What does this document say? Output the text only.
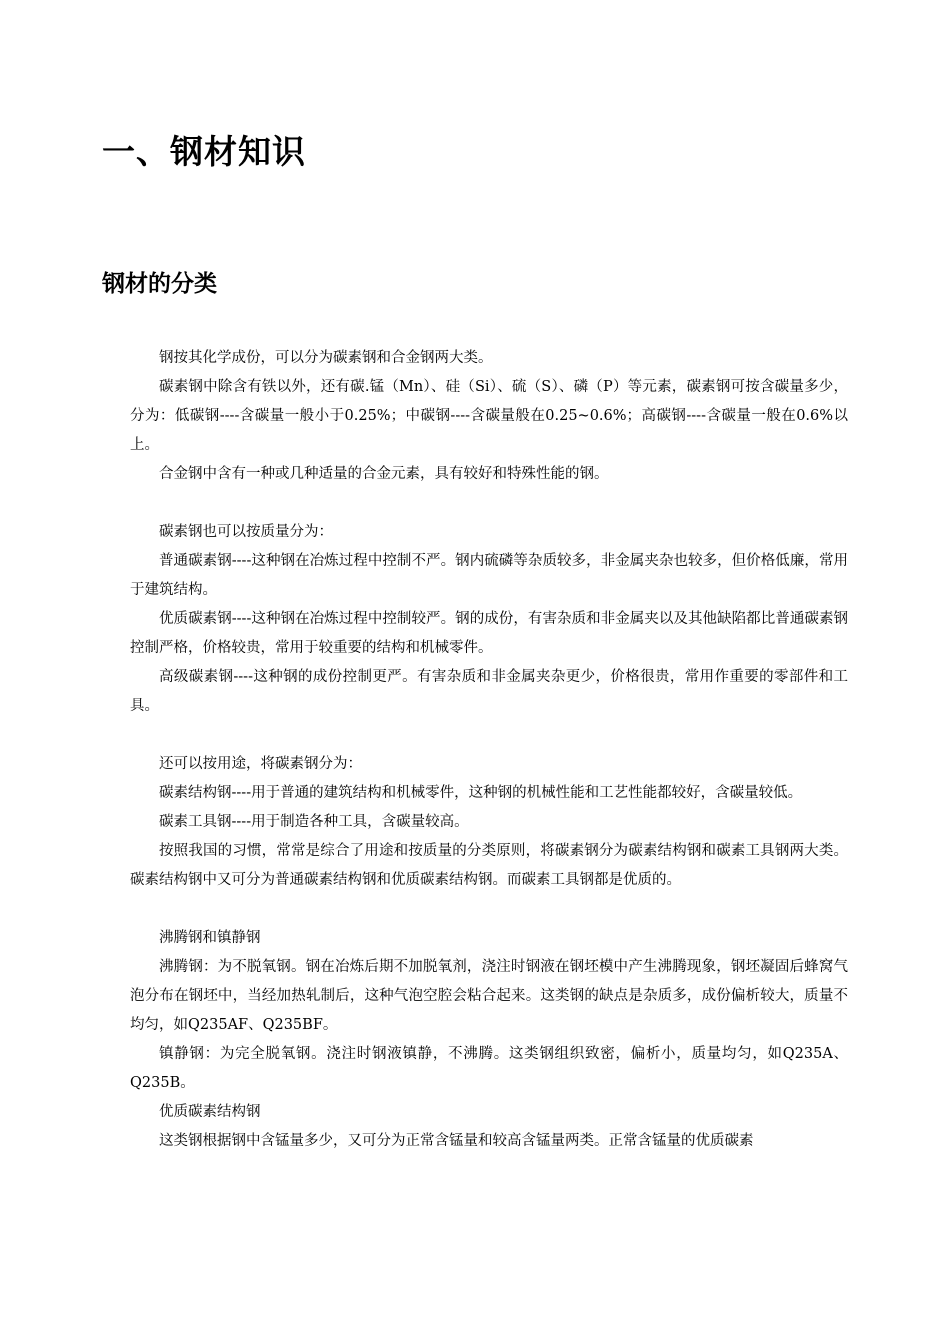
一、钢材知识
钢材的分类

钢按其化学成份，可以分为碳素钢和合金钢两大类。

碳素钢中除含有铁以外，还有碳.锰（Mn）、硅（Si）、硫（S）、磷（P）等元素，碳素钢可按含碳量多少，分为：低碳钢----含碳量一般小于0.25%；中碳钢----含碳量般在0.25~0.6%；高碳钢----含碳量一般在0.6%以上。

合金钢中含有一种或几种适量的合金元素，具有较好和特殊性能的钢。

碳素钢也可以按质量分为：

普通碳素钢----这种钢在冶炼过程中控制不严。钢内硫磷等杂质较多，非金属夹杂也较多，但价格低廉，常用于建筑结构。

优质碳素钢----这种钢在冶炼过程中控制较严。钢的成份，有害杂质和非金属夹以及其他缺陷都比普通碳素钢控制严格，价格较贵，常用于较重要的结构和机械零件。

高级碳素钢----这种钢的成份控制更严。有害杂质和非金属夹杂更少，价格很贵，常用作重要的零部件和工具。

还可以按用途，将碳素钢分为：

碳素结构钢----用于普通的建筑结构和机械零件，这种钢的机械性能和工艺性能都较好，含碳量较低。

碳素工具钢----用于制造各种工具，含碳量较高。

按照我国的习惯，常常是综合了用途和按质量的分类原则，将碳素钢分为碳素结构钢和碳素工具钢两大类。碳素结构钢中又可分为普通碳素结构钢和优质碳素结构钢。而碳素工具钢都是优质的。

沸腾钢和镇静钢

沸腾钢：为不脱氧钢。钢在冶炼后期不加脱氧剂，浇注时钢液在钢坯模中产生沸腾现象，钢坯凝固后蜂窝气泡分布在钢坯中，当经加热轧制后，这种气泡空腔会粘合起来。这类钢的缺点是杂质多，成份偏析较大，质量不均匀，如Q235AF、Q235BF。

镇静钢：为完全脱氧钢。浇注时钢液镇静，不沸腾。这类钢组织致密，偏析小，质量均匀，如Q235A、Q235B。

优质碳素结构钢

这类钢根据钢中含锰量多少，又可分为正常含锰量和较高含锰量两类。正常含锰量的优质碳素
